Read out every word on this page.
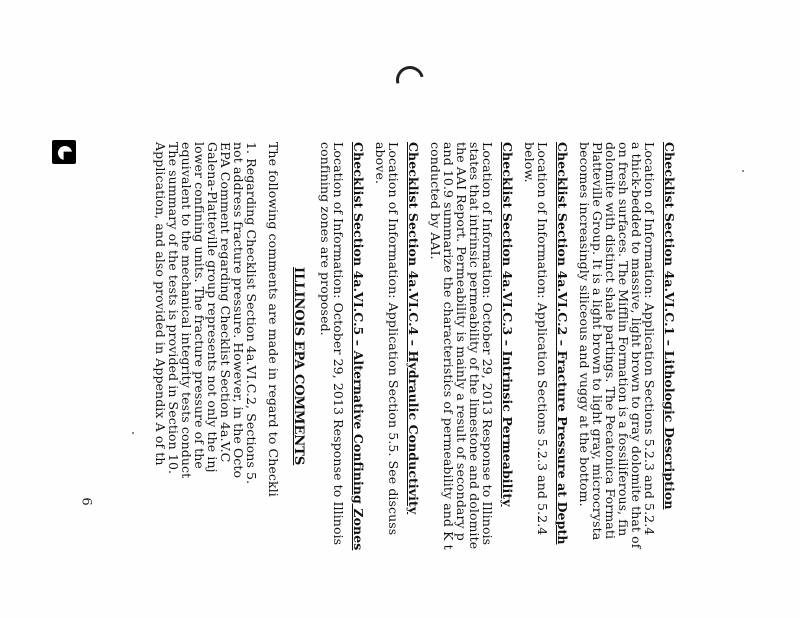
Checklist Section 4a.VI.C.1 – Lithologic Description
Location of Information: Application Sections 5.2.3 and 5.2.4
a thick-bedded to massive, light brown to gray dolomite that of
on fresh surfaces. The Mifflin Formation is a fossiliferous, fin
dolomite with distinct shale partings. The Pecatonica Formati
Platteville Group. It is a light brown to light gray, microcrysta
becomes increasingly siliceous and vuggy at the bottom.
Checklist Section 4a.VI.C.2 – Fracture Pressure at Depth
Location of Information: Application Sections 5.2.3 and 5.2.4
below.
Checklist Section 4a.VI.C.3 – Intrinsic Permeability
Location of Information: October 29, 2013 Response to Illinois
states that intrinsic permeability of the limestone and dolomite
the AAI Report. Permeability is mainly a result of secondary p
and 10.9 summarize the characteristics of permeability and K t
conducted by AAI.
Checklist Section 4a.VI.C.4 – Hydraulic Conductivity
Location of Information: Application Section 5.5. See discuss
above.
Checklist Section 4a.VI.C.5 – Alternative Confining Zones
Location of Information: October 29, 2013 Response to Illinois
confining zones are proposed.
ILLINOIS EPA COMMENTS
The following comments are made in regard to Checkli
1. Regarding Checklist Section 4a.VI.C.2, Sections 5.
not address fracture pressure. However, in the Octo
EPA Comment regarding Checklist Section 4a.V.C
Galena-Platteville group represents not only the inj
lower confining units. The fracture pressure of the
equivalent to the mechanical integrity tests conduct
The summary of the tests is provided in Section 10.
Application, and also provided in Appendix A of th
6
